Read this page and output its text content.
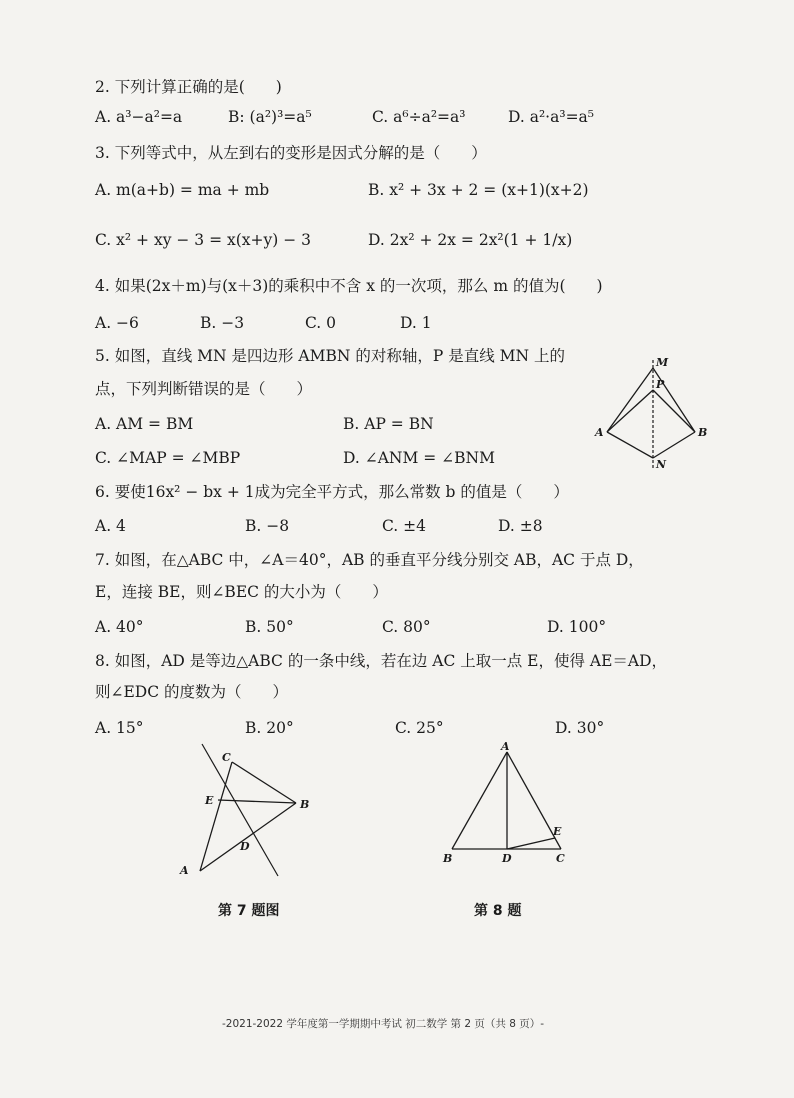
2. 下列计算正确的是(　　)
A. a³−a²=a	B: (a²)³=a⁵	C. a⁶÷a²=a³	D. a²·a³=a⁵
3. 下列等式中，从左到右的变形是因式分解的是（　　）
A. m(a+b) = ma + mb	B. x² + 3x + 2 = (x+1)(x+2)
C. x² + xy − 3 = x(x+y) − 3	D. 2x² + 2x = 2x²(1 + 1/x)
4. 如果(2x＋m)与(x＋3)的乘积中不含 x 的一次项，那么 m 的值为(　　)
A. −6	B. −3	C. 0	D. 1
5. 如图，直线 MN 是四边形 AMBN 的对称轴，P 是直线 MN 上的
点，下列判断错误的是（　　）
A. AM = BM	B. AP = BN
C. ∠MAP = ∠MBP	D. ∠ANM = ∠BNM
M
P
A	B
N
6. 要使16x² − bx + 1成为完全平方式，那么常数 b 的值是（　　）
A. 4	B. −8	C. ±4	D. ±8
7. 如图，在△ABC 中，∠A＝40°，AB 的垂直平分线分别交 AB，AC 于点 D，
E，连接 BE，则∠BEC 的大小为（　　）
A. 40°	B. 50°	C. 80°	D. 100°
8. 如图，AD 是等边△ABC 的一条中线，若在边 AC 上取一点 E，使得 AE＝AD，
则∠EDC 的度数为（　　）
A. 15°	B. 20°	C. 25°	D. 30°
C
E	B
D
A
A
E
B	D	C
第 7 题图	第 8 题
-2021-2022 学年度第一学期期中考试 初二数学 第 2 页（共 8 页）-
